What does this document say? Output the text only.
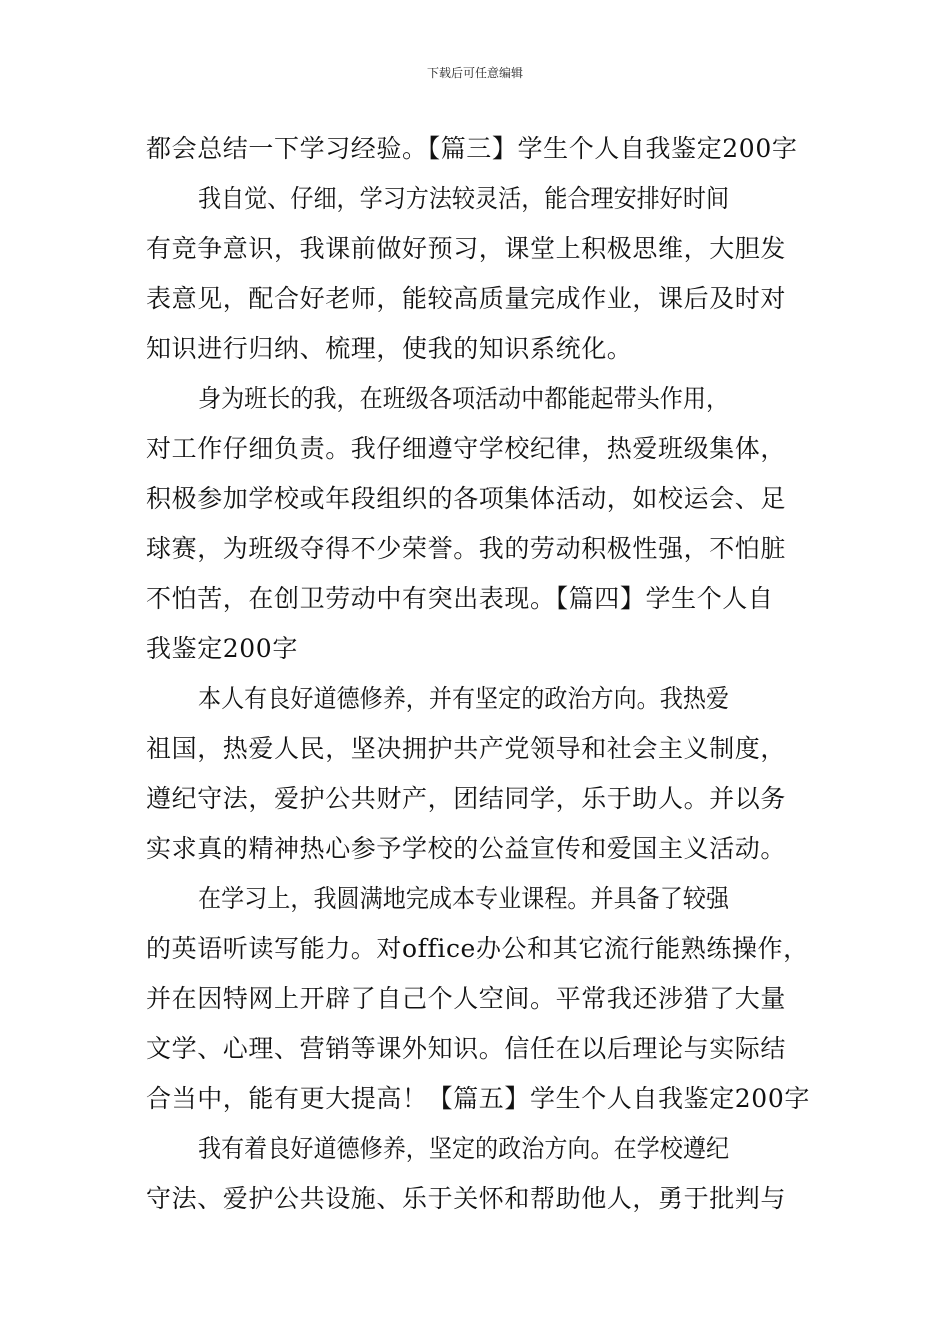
下载后可任意编辑
都会总结一下学习经验。【篇三】学生个人自我鉴定200字
我自觉、仔细，学习方法较灵活，能合理安排好时间
有竞争意识，我课前做好预习，课堂上积极思维，大胆发
表意见，配合好老师，能较高质量完成作业，课后及时对
知识进行归纳、梳理，使我的知识系统化。
身为班长的我，在班级各项活动中都能起带头作用，
对工作仔细负责。我仔细遵守学校纪律，热爱班级集体，
积极参加学校或年段组织的各项集体活动，如校运会、足
球赛，为班级夺得不少荣誉。我的劳动积极性强，不怕脏
不怕苦，在创卫劳动中有突出表现。【篇四】学生个人自
我鉴定200字
本人有良好道德修养，并有坚定的政治方向。我热爱
祖国，热爱人民，坚决拥护共产党领导和社会主义制度，
遵纪守法，爱护公共财产，团结同学，乐于助人。并以务
实求真的精神热心参予学校的公益宣传和爱国主义活动。
在学习上，我圆满地完成本专业课程。并具备了较强
的英语听读写能力。对office办公和其它流行能熟练操作，
并在因特网上开辟了自己个人空间。平常我还涉猎了大量
文学、心理、营销等课外知识。信任在以后理论与实际结
合当中，能有更大提高！【篇五】学生个人自我鉴定200字
我有着良好道德修养，坚定的政治方向。在学校遵纪
守法、爱护公共设施、乐于关怀和帮助他人，勇于批判与
